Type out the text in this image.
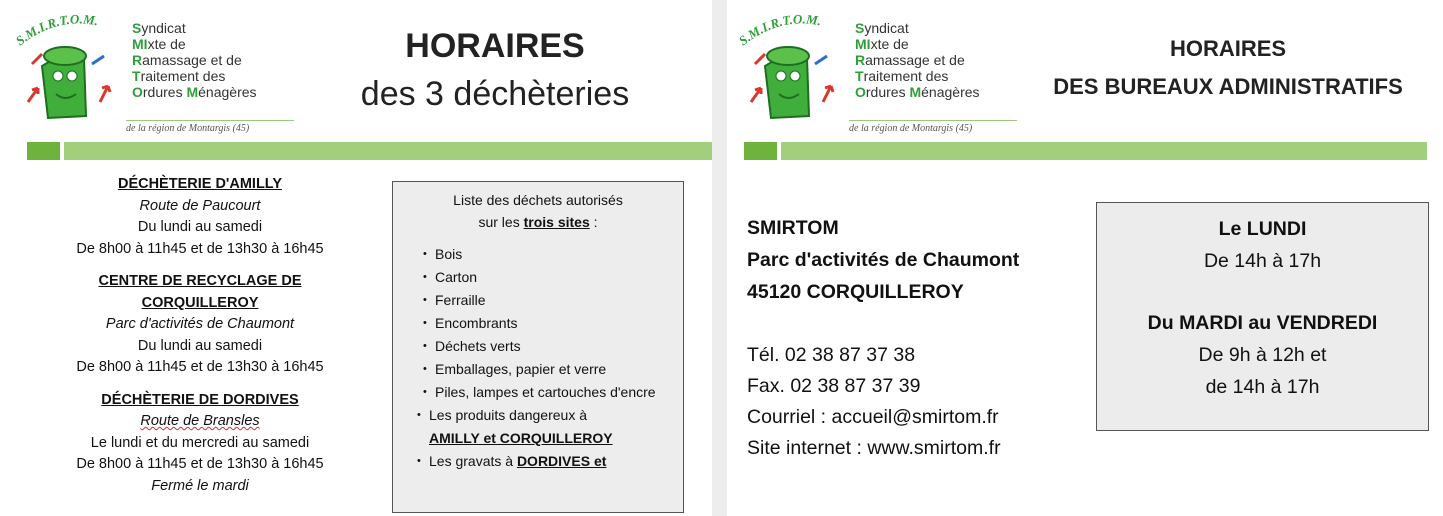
S.M.I.R.T.O.M. Syndicat
MIxte de
Ramassage et de
Traitement des
Ordures Ménagères
de la région de Montargis (45)
HORAIRES
des 3 déchèteries
DÉCHÈTERIE D'AMILLY
Route de Paucourt
Du lundi au samedi
De 8h00 à 11h45 et de 13h30 à 16h45
CENTRE DE RECYCLAGE DE CORQUILLEROY
Parc d'activités de Chaumont
Du lundi au samedi
De 8h00 à 11h45 et de 13h30 à 16h45
DÉCHÈTERIE DE DORDIVES
Route de Bransles
Le lundi et du mercredi au samedi
De 8h00 à 11h45 et de 13h30 à 16h45
Fermé le mardi
Liste des déchets autorisés
sur les trois sites :
• Bois
• Carton
• Ferraille
• Encombrants
• Déchets verts
• Emballages, papier et verre
• Piles, lampes et cartouches d'encre
• Les produits dangereux à
AMILLY et CORQUILLEROY
• Les gravats à DORDIVES et
S.M.I.R.T.O.M. Syndicat
MIxte de
Ramassage et de
Traitement des
Ordures Ménagères
de la région de Montargis (45)
HORAIRES
DES BUREAUX ADMINISTRATIFS
SMIRTOM
Parc d'activités de Chaumont
45120 CORQUILLEROY
Tél. 02 38 87 37 38
Fax. 02 38 87 37 39
Courriel : accueil@smirtom.fr
Site internet : www.smirtom.fr
Le LUNDI
De 14h à 17h
Du MARDI au VENDREDI
De 9h à 12h et
de 14h à 17h
